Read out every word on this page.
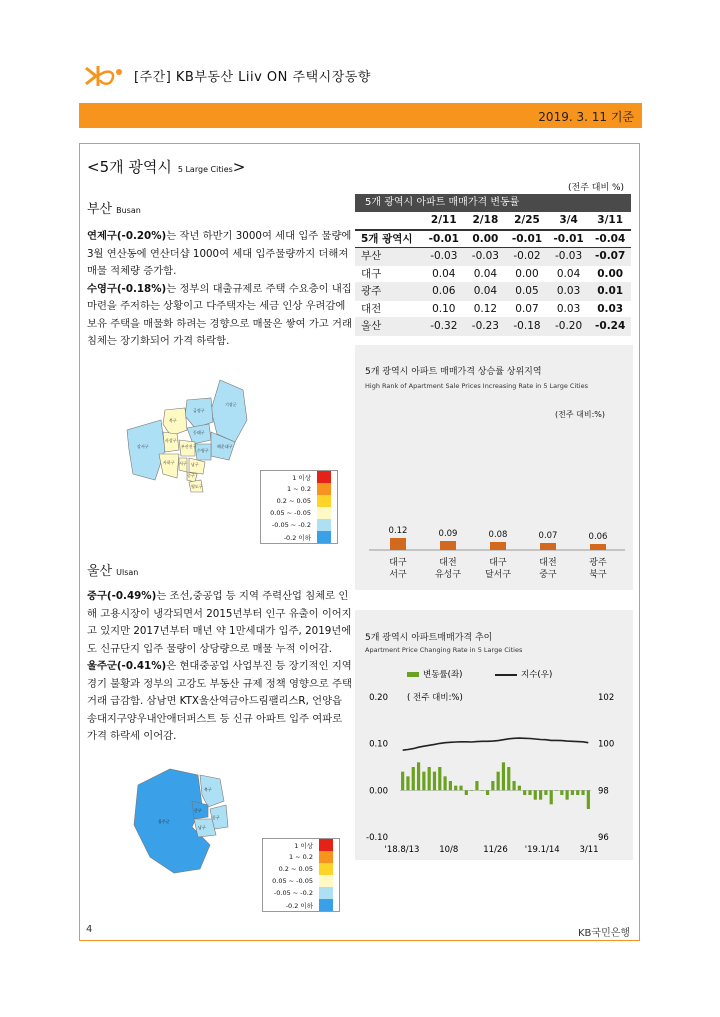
[주간] KB부동산 Liiv ON 주택시장동향
2019. 3. 11 기준
<5개 광역시 5 Large Cities>
부산 Busan
연제구(-0.20%)는 작년 하반기 3000여 세대 입주 물량에 3월 연산동에 연산더샵 1000여 세대 입주물량까지 더해져 매물 적체량 증가함.
수영구(-0.18%)는 정부의 대출규제로 주택 수요층이 내집 마련을 주저하는 상황이고 다주택자는 세금 인상 우려감에 보유 주택을 매물화 하려는 경향으로 매물은 쌓여 가고 거래 침체는 장기화되어 가격 하락함.
기장군
금정구
북구
동래구
해운대구
강서구
사상구
부산진구
수영구
사하구 서구 남구
중구
영도구
1 이상
1 ~ 0.2
0.2 ~ 0.05
0.05 ~ -0.05
-0.05 ~ -0.2
-0.2 이하
울산 Ulsan
중구(-0.49%)는 조선,중공업 등 지역 주력산업 침체로 인해 고용시장이 냉각되면서 2015년부터 인구 유출이 이어지고 있지만 2017년부터 매년 약 1만세대가 입주, 2019년에도 신규단지 입주 물량이 상당량으로 매물 누적 이어감.
울주군(-0.41%)은 현대중공업 사업부진 등 장기적인 지역 경기 불황과 정부의 고강도 부동산 규제 정책 영향으로 주택 거래 급감함. 삼남면 KTX울산역금아드림팰리스R, 언양읍 송대지구양우내안애더퍼스트 등 신규 아파트 입주 여파로 가격 하락세 이어감.
울주군
북구
중구
동구
남구
1 이상
1 ~ 0.2
0.2 ~ 0.05
0.05 ~ -0.05
-0.05 ~ -0.2
-0.2 이하
(전주 대비 %)
5개 광역시 아파트 매매가격 변동률
2/11	2/18	2/25	3/4	3/11
5개 광역시	-0.01	0.00	-0.01	-0.01	-0.04
부산	-0.03	-0.03	-0.02	-0.03	-0.07
대구	0.04	0.04	0.00	0.04	0.00
광주	0.06	0.04	0.05	0.03	0.01
대전	0.10	0.12	0.07	0.03	0.03
울산	-0.32	-0.23	-0.18	-0.20	-0.24
5개 광역시 아파트 매매가격 상승률 상위지역
High Rank of Apartment Sale Prices Increasing Rate in 5 Large Cities
(전주 대비:%)
0.12
대구
서구
0.09
대전
유성구
0.08
대구
달서구
0.07
대전
중구
0.06
광주
북구
5개 광역시 아파트매매가격 추이
Apartment Price Changing Rate in 5 Large Cities
변동률(좌)	지수(우)
( 전주 대비:%)
0.20
0.10
0.00
-0.10
102
100
98
96
'18.8/13 10/8	11/26 '19.1/14 3/11
4	KB국민은행
